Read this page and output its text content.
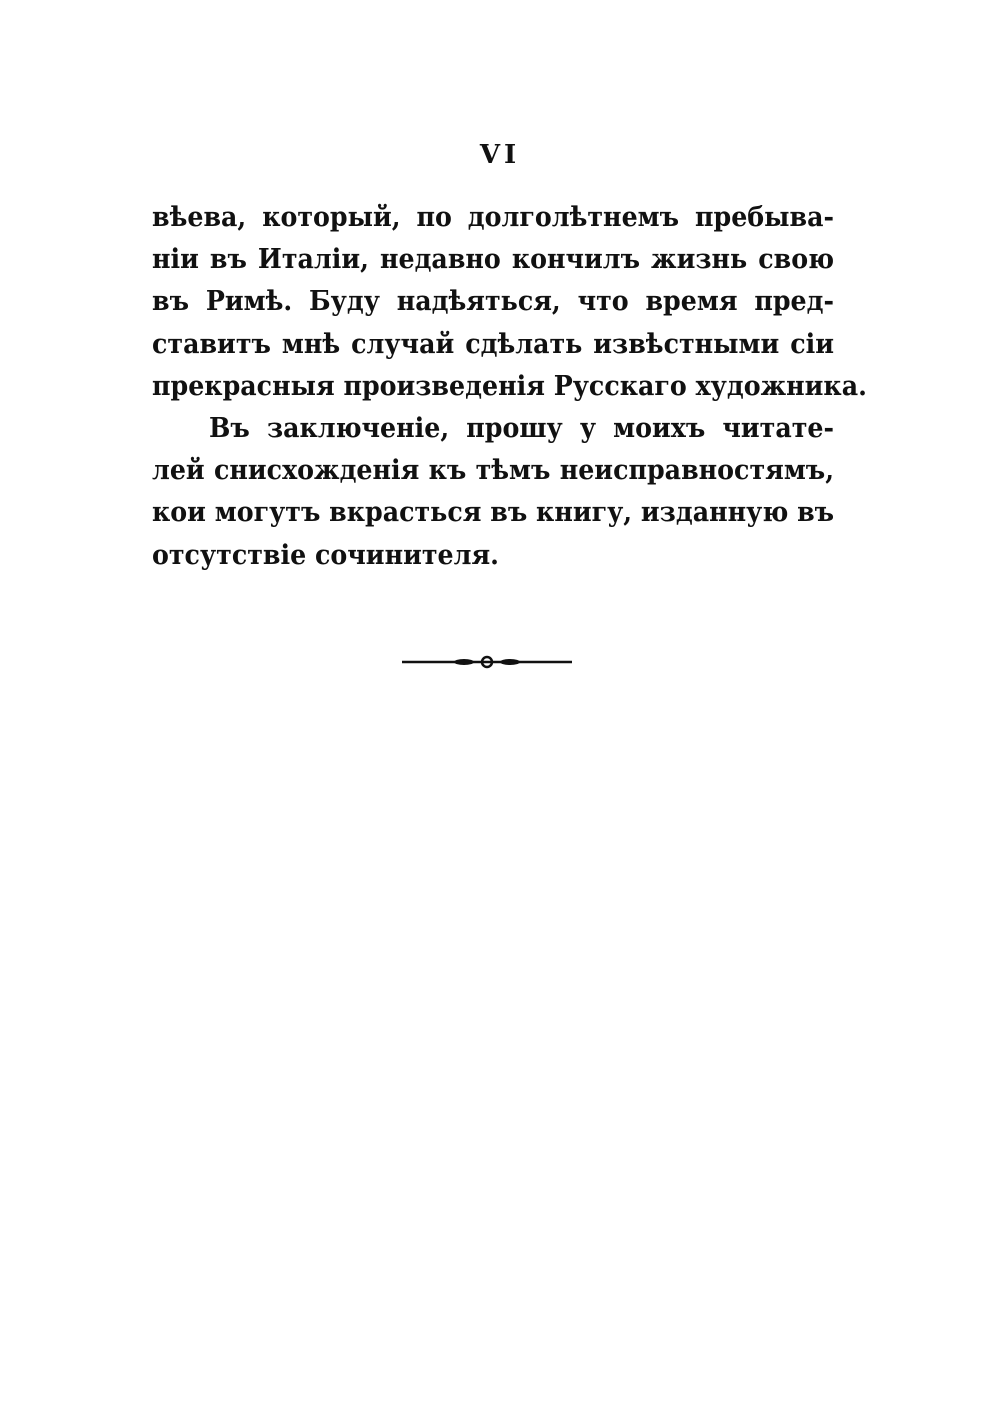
VI
вѣева, который, по долголѣтнемъ пребыва-
ніи въ Италіи, недавно кончилъ жизнь свою
въ Римѣ. Буду надѣяться, что время пред-
ставитъ мнѣ случай сдѣлать извѣстными сіи
прекрасныя произведенія Русскаго художника.
Въ заключеніе, прошу у моихъ читате-
лей снисхожденія къ тѣмъ неисправностямъ,
кои могутъ вкрасться въ книгу, изданную въ
отсутствіе сочинителя.
